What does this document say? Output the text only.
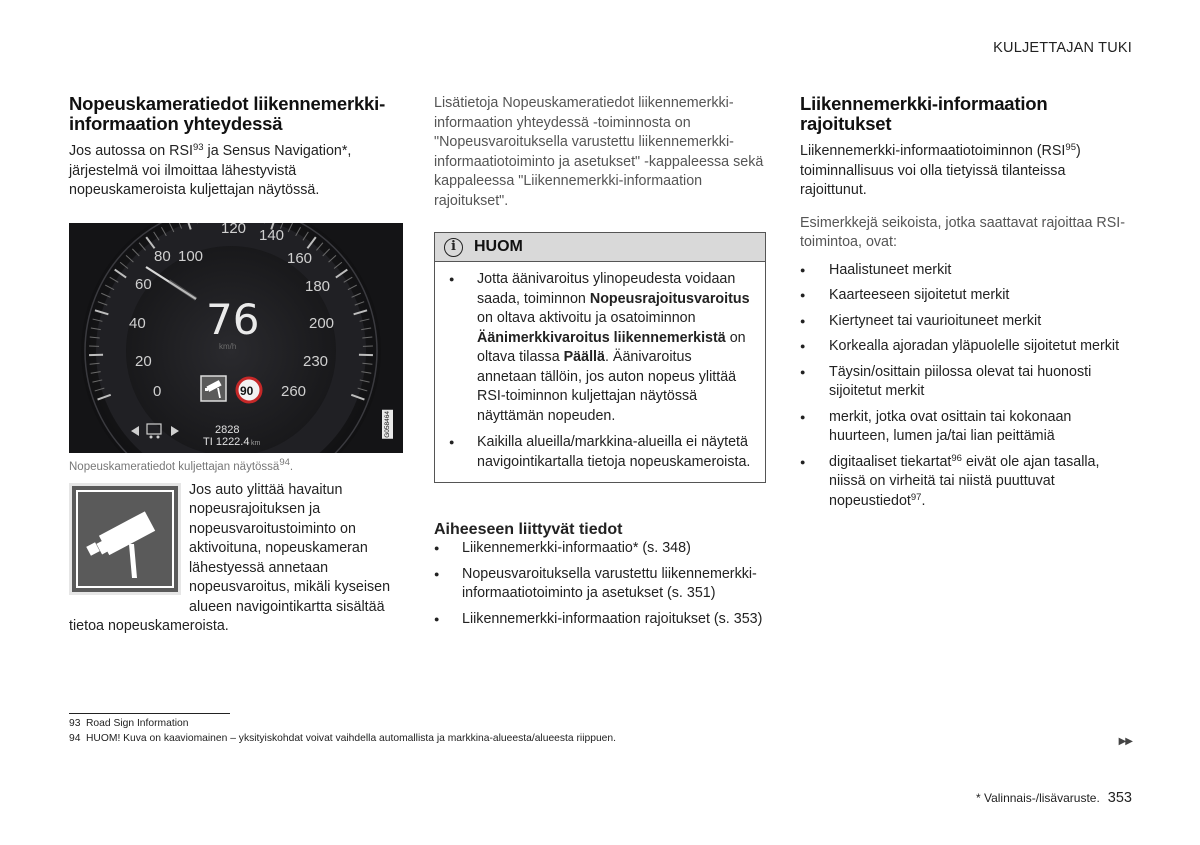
KULJETTAJAN TUKI
Nopeuskameratiedot liikennemerkki-informaation yhteydessä

Jos autossa on RSI$^{93}$ ja Sensus Navigation*, järjestelmä voi ilmoittaa lähestyvistä nopeuskameroista kuljettajan näytössä.

100
120 140
160
180
200
230
260
80
60
40
20
0
76
km/h
90
2828
TI 1222.4 km
G058464
Nopeuskameratiedot kuljettajan näytössä$^{94}$.

Jos auto ylittää havaitun nopeusrajoituksen ja nopeusvaroitustoiminto on aktivoituna, nopeuskameran lähestyessä annetaan nopeusvaroitus, mikäli kyseisen alueen navigointikartta sisältää tietoa nopeuskameroista.

Lisätietoja Nopeuskameratiedot liikennemerkki-informaation yhteydessä -toiminnosta on "Nopeusvaroituksella varustettu liikennemerkki-informaatiotoiminto ja asetukset" -kappaleessa sekä kappaleessa "Liikennemerkki-informaation rajoitukset".

i	HUOM
● Jotta äänivaroitus ylinopeudesta voidaan saada, toiminnon Nopeusrajoitusvaroitus on oltava aktivoitu ja osatoiminnon Äänimerkkivaroitus liikennemerkistä on oltava tilassa Päällä. Äänivaroitus annetaan tällöin, jos auton nopeus ylittää RSI-toiminnon kuljettajan näytössä näyttämän nopeuden.
● Kaikilla alueilla/markkina-alueilla ei näytetä navigointikartalla tietoja nopeuskameroista.
Aiheeseen liittyvät tiedot
● Liikennemerkki-informaatio* (s. 348)
● Nopeusvaroituksella varustettu liikennemerkki-informaatiotoiminto ja asetukset (s. 351)
● Liikennemerkki-informaation rajoitukset (s. 353)
Liikennemerkki-informaation rajoitukset

Liikennemerkki-informaatiotoiminnon (RSI$^{95}$) toiminnallisuus voi olla tietyissä tilanteissa rajoittunut.

Esimerkkejä seikoista, jotka saattavat rajoittaa RSI-toimintoa, ovat:

● Haalistuneet merkit
● Kaarteeseen sijoitetut merkit
● Kiertyneet tai vaurioituneet merkit
● Korkealla ajoradan yläpuolelle sijoitetut merkit
● Täysin/osittain piilossa olevat tai huonosti sijoitetut merkit
● merkit, jotka ovat osittain tai kokonaan huurteen, lumen ja/tai lian peittämiä
● digitaaliset tiekartat$^{96}$ eivät ole ajan tasalla, niissä on virheitä tai niistä puuttuvat nopeustiedot$^{97}$.
93 Road Sign Information
94 HUOM! Kuva on kaaviomainen – yksityiskohdat voivat vaihdella automallista ja markkina-alueesta/alueesta riippuen.	▶▶
* Valinnais-/lisävaruste. 353
